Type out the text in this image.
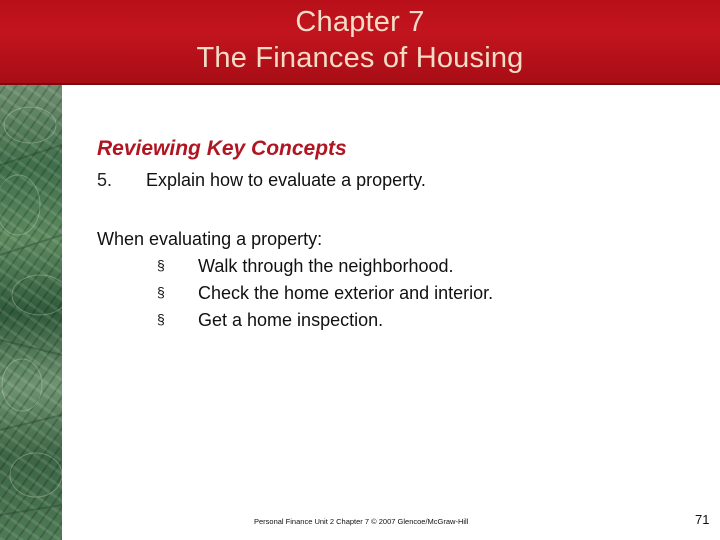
Chapter 7
The Finances of Housing
Reviewing Key Concepts
5. Explain how to evaluate a property.
When evaluating a property:
§ Walk through the neighborhood.
§ Check the home exterior and interior.
§ Get a home inspection.
Personal Finance Unit 2 Chapter 7 © 2007 Glencoe/McGraw-Hill	71
